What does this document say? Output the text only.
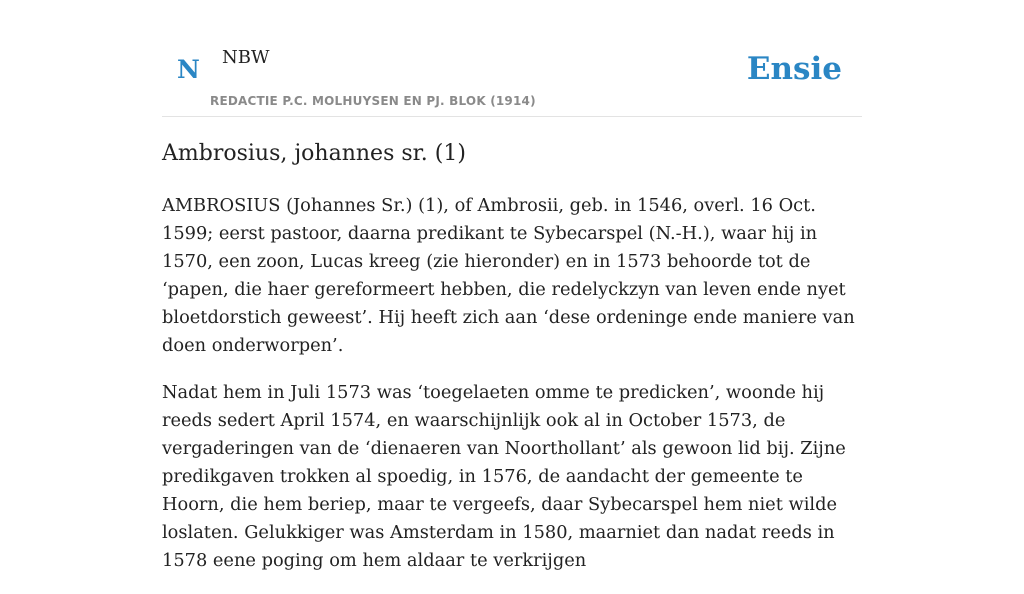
N NBW
REDACTIE P.C. MOLHUYSEN EN PJ. BLOK (1914)
Ensie
Ambrosius, johannes sr. (1)

AMBROSIUS (Johannes Sr.) (1), of Ambrosii, geb. in 1546, overl. 16 Oct. 1599; eerst pastoor, daarna predikant te Sybecarspel (N.-H.), waar hij in 1570, een zoon, Lucas kreeg (zie hieronder) en in 1573 behoorde tot de ‘papen, die haer gereformeert hebben, die redelyckzyn van leven ende nyet bloetdorstich geweest’. Hij heeft zich aan ‘dese ordeninge ende maniere van doen onderworpen’.

Nadat hem in Juli 1573 was ‘toegelaeten omme te predicken’, woonde hij reeds sedert April 1574, en waarschijnlijk ook al in October 1573, de vergaderingen van de ‘dienaeren van Noorthollant’ als gewoon lid bij. Zijne predikgaven trokken al spoedig, in 1576, de aandacht der gemeente te Hoorn, die hem beriep, maar te vergeefs, daar Sybecarspel hem niet wilde loslaten. Gelukkiger was Amsterdam in 1580, maarniet dan nadat reeds in 1578 eene poging om hem aldaar te verkrijgen
